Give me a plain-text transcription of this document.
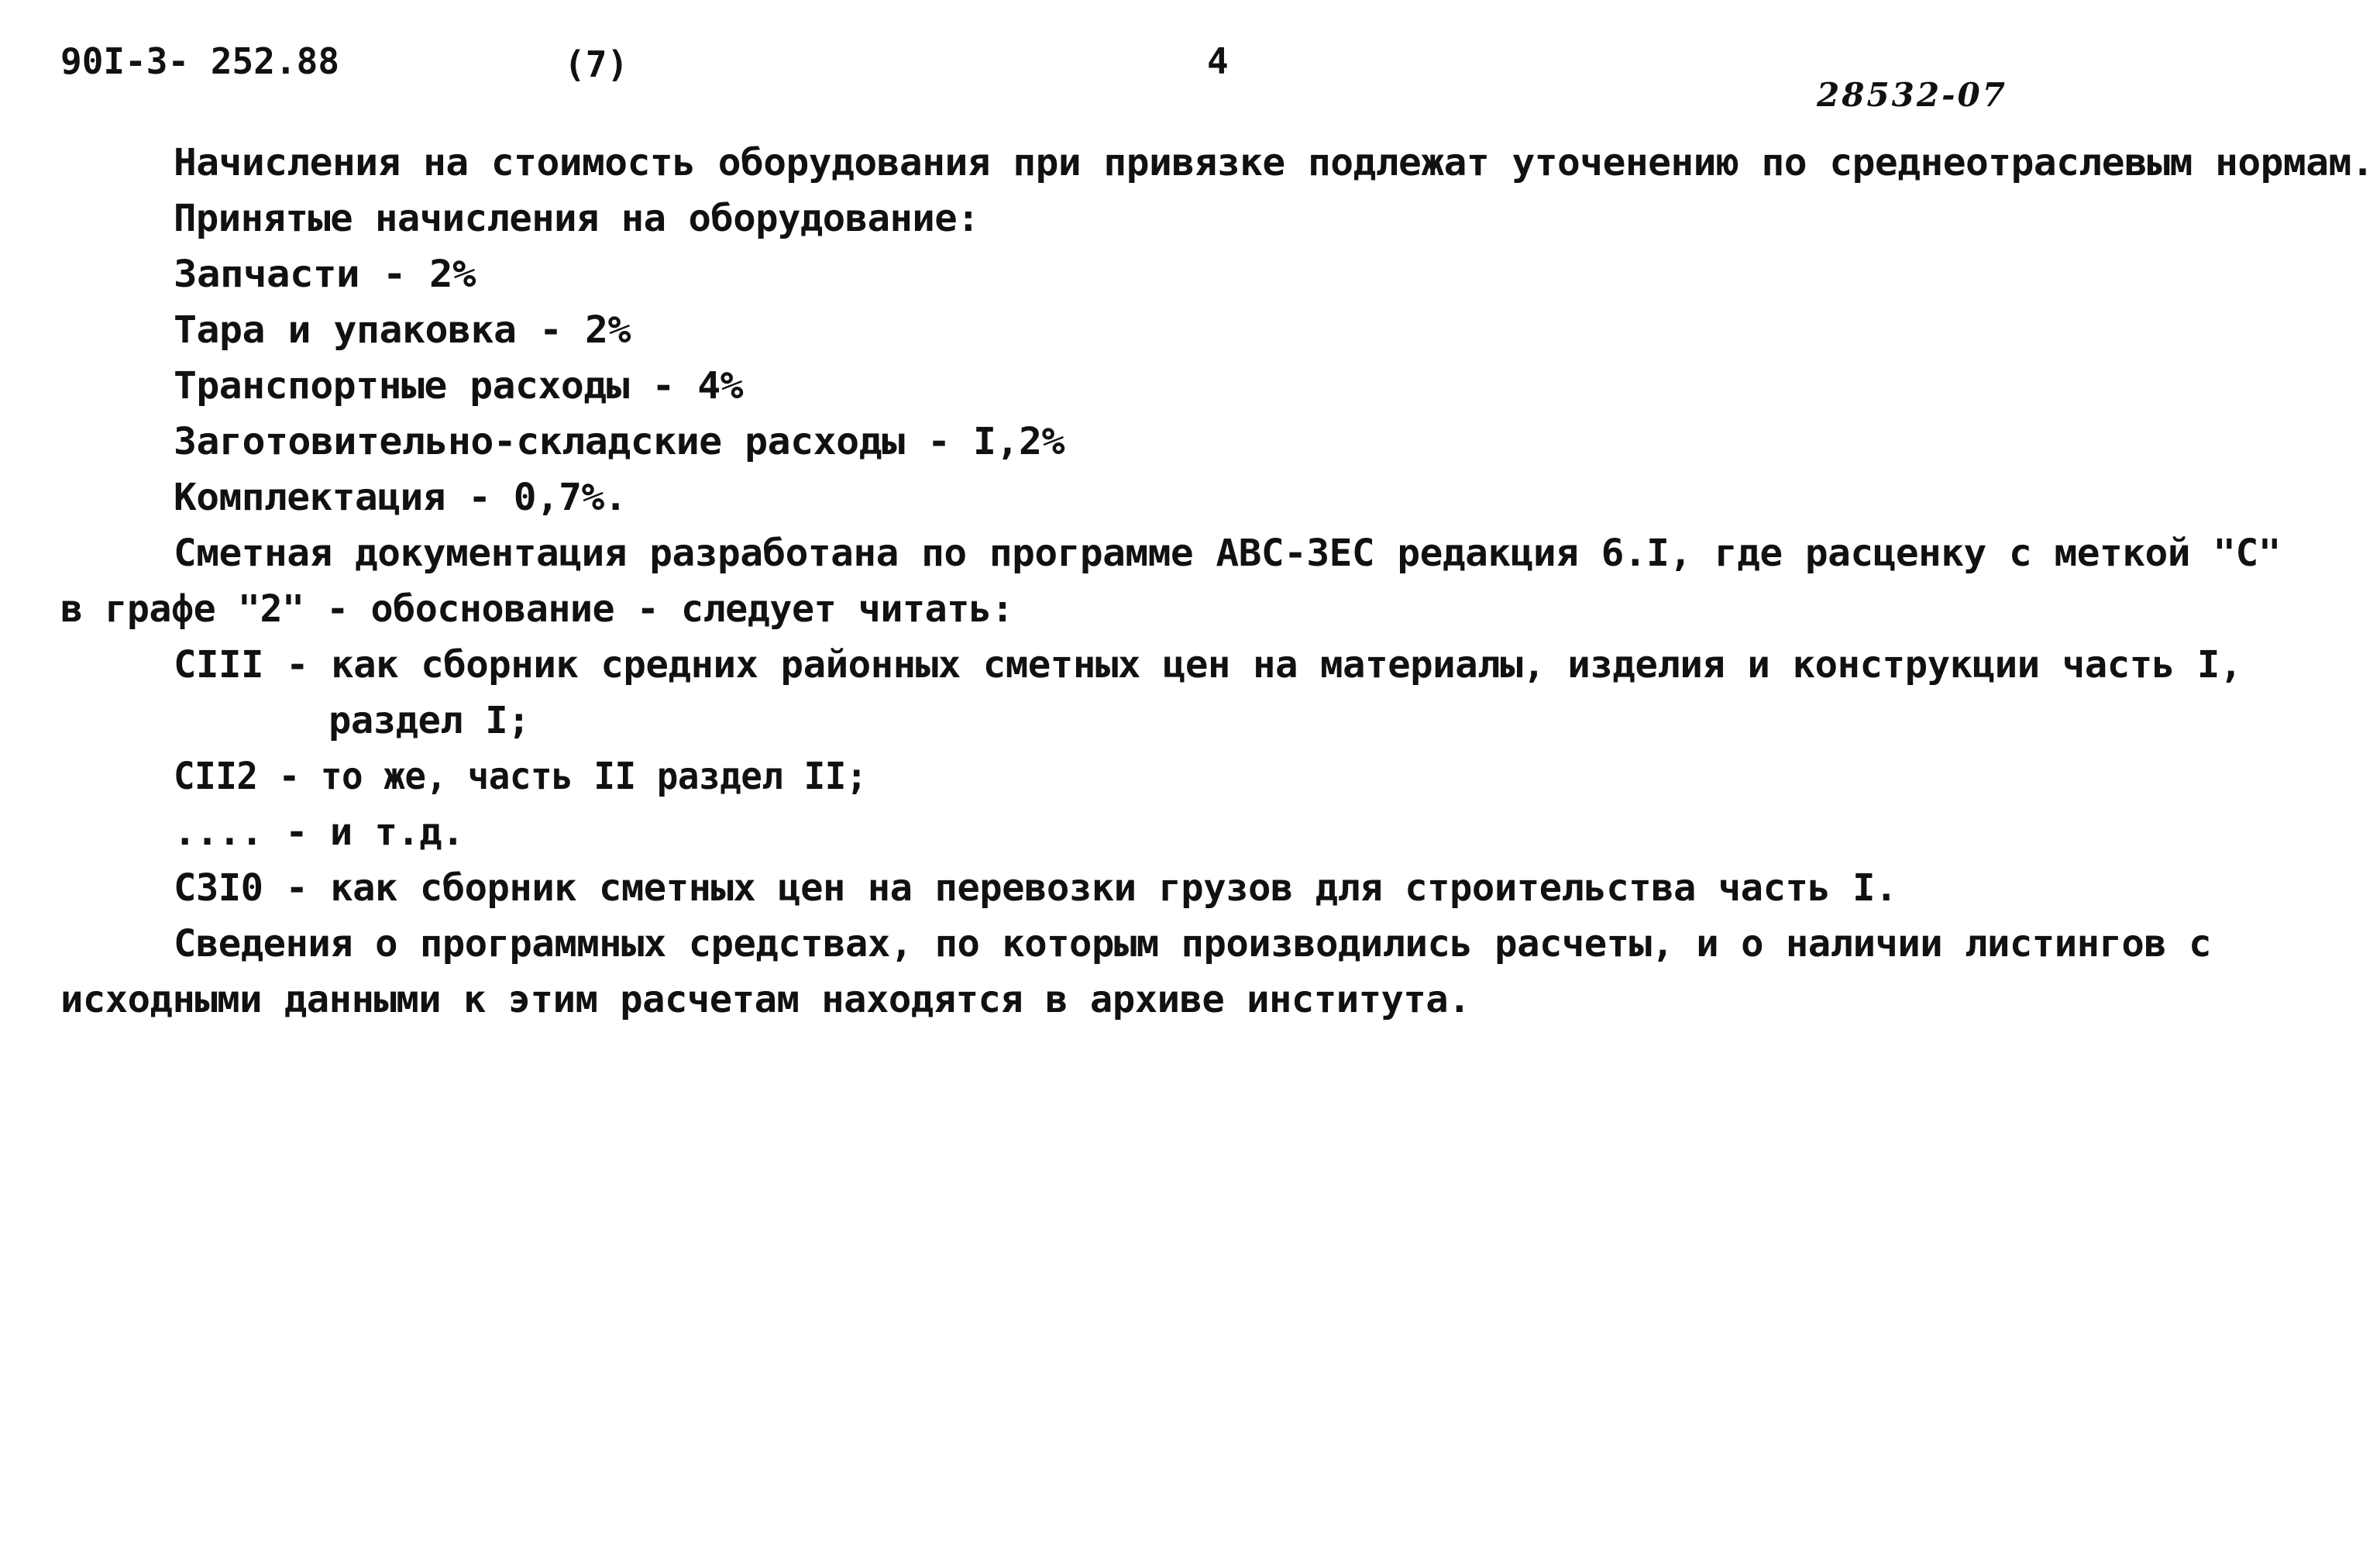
90I-3- 252.88	(7)	4
28532-07
Начисления на стоимость оборудования при привязке подлежат уточенению по среднеотраслевым нормам.
Принятые начисления на оборудование:
Запчасти - 2%
Тара и упаковка - 2%
Транспортные расходы - 4%
Заготовительно-складские расходы - I,2%
Комплектация - 0,7%.
Сметная документация разработана по программе АВС-ЗЕС редакция 6.I, где расценку с меткой "С"
в графе "2" - обоснование - следует читать:
СIII - как сборник средних районных сметных цен на материалы, изделия и конструкции часть I,
раздел I;
СII2 - то же, часть II раздел II;
.... - и т.д.
С3I0 - как сборник сметных цен на перевозки грузов для строительства часть I.
Сведения о программных средствах, по которым производились расчеты, и о наличии листингов с
исходными данными к этим расчетам находятся в архиве института.
